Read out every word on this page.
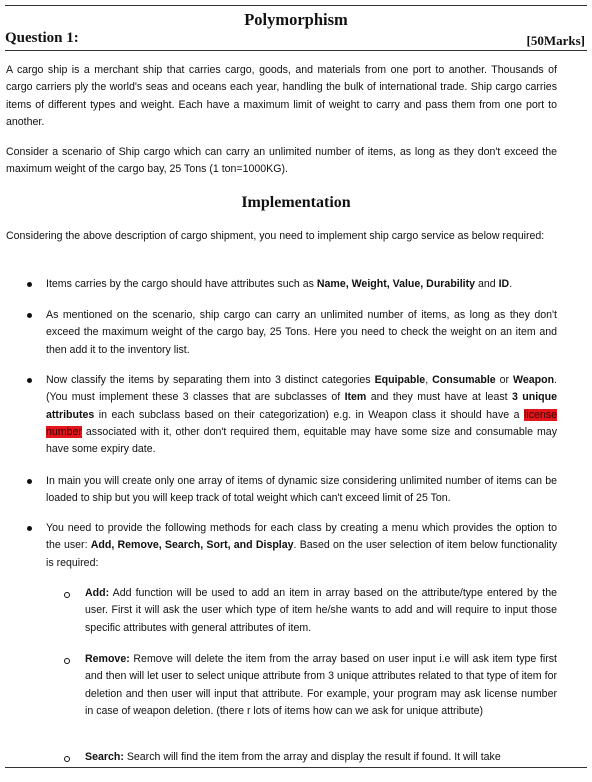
Polymorphism
Question 1:	[50Marks]
A cargo ship is a merchant ship that carries cargo, goods, and materials from one port to another. Thousands of cargo carriers ply the world's seas and oceans each year, handling the bulk of international trade. Ship cargo carries items of different types and weight. Each have a maximum limit of weight to carry and pass them from one port to another.
Consider a scenario of Ship cargo which can carry an unlimited number of items, as long as they don't exceed the maximum weight of the cargo bay, 25 Tons (1 ton=1000KG).
Implementation
Considering the above description of cargo shipment, you need to implement ship cargo service as below required:
Items carries by the cargo should have attributes such as Name, Weight, Value, Durability and ID.
As mentioned on the scenario, ship cargo can carry an unlimited number of items, as long as they don't exceed the maximum weight of the cargo bay, 25 Tons. Here you need to check the weight on an item and then add it to the inventory list.
Now classify the items by separating them into 3 distinct categories Equipable, Consumable or Weapon. (You must implement these 3 classes that are subclasses of Item and they must have at least 3 unique attributes in each subclass based on their categorization) e.g. in Weapon class it should have a license number associated with it, other don't required them, equitable may have some size and consumable may have some expiry date.
In main you will create only one array of items of dynamic size considering unlimited number of items can be loaded to ship but you will keep track of total weight which can't exceed limit of 25 Ton.
You need to provide the following methods for each class by creating a menu which provides the option to the user: Add, Remove, Search, Sort, and Display. Based on the user selection of item below functionality is required:
Add: Add function will be used to add an item in array based on the attribute/type entered by the user. First it will ask the user which type of item he/she wants to add and will require to input those specific attributes with general attributes of item.
Remove: Remove will delete the item from the array based on user input i.e will ask item type first and then will let user to select unique attribute from 3 unique attributes related to that type of item for deletion and then user will input that attribute. For example, your program may ask license number in case of weapon deletion. (there r lots of items how can we ask for unique attribute)
Search: Search will find the item from the array and display the result if found. It will take
